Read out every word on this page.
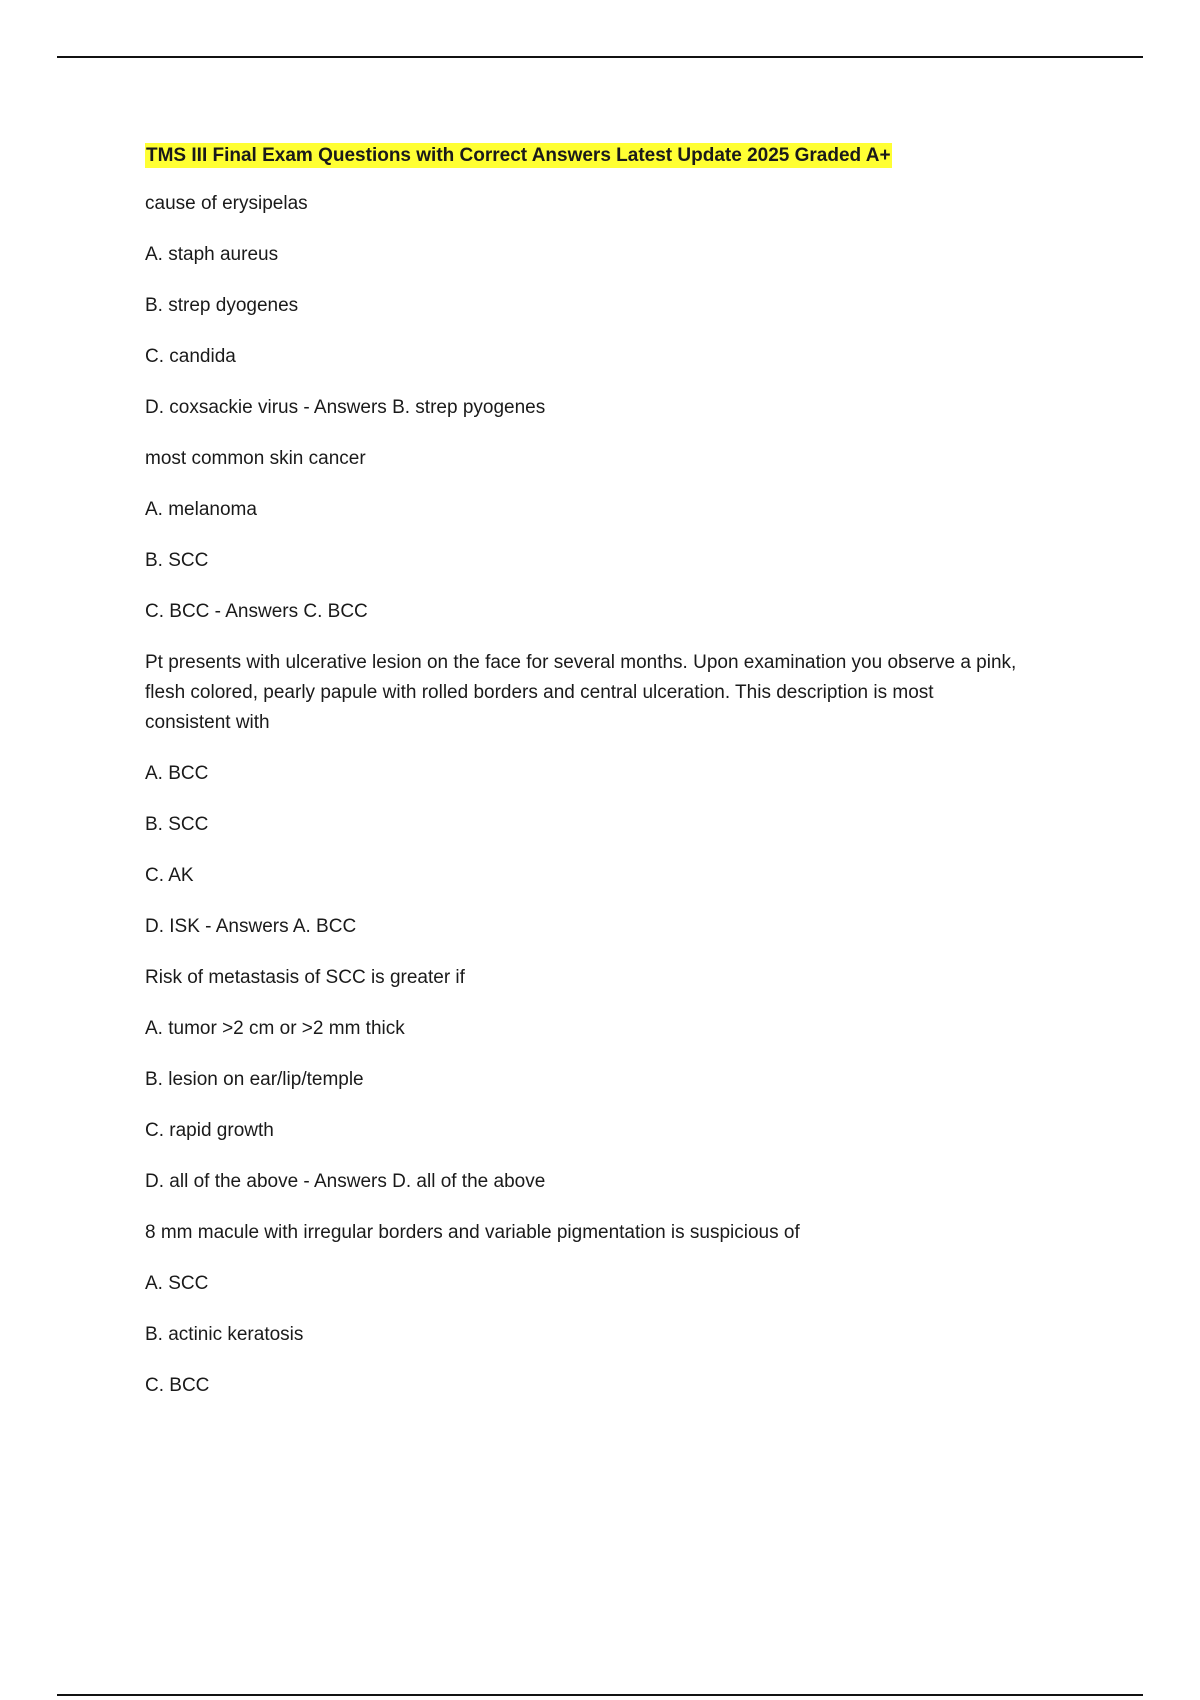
TMS III Final Exam Questions with Correct Answers Latest Update 2025 Graded A+

cause of erysipelas

A. staph aureus

B. strep dyogenes

C. candida

D. coxsackie virus - Answers B. strep pyogenes

most common skin cancer

A. melanoma

B. SCC

C. BCC - Answers C. BCC

Pt presents with ulcerative lesion on the face for several months. Upon examination you observe a pink,

flesh colored, pearly papule with rolled borders and central ulceration. This description is most

consistent with

A. BCC

B. SCC

C. AK

D. ISK - Answers A. BCC

Risk of metastasis of SCC is greater if

A. tumor >2 cm or >2 mm thick

B. lesion on ear/lip/temple

C. rapid growth

D. all of the above - Answers D. all of the above

8 mm macule with irregular borders and variable pigmentation is suspicious of

A. SCC

B. actinic keratosis

C. BCC
